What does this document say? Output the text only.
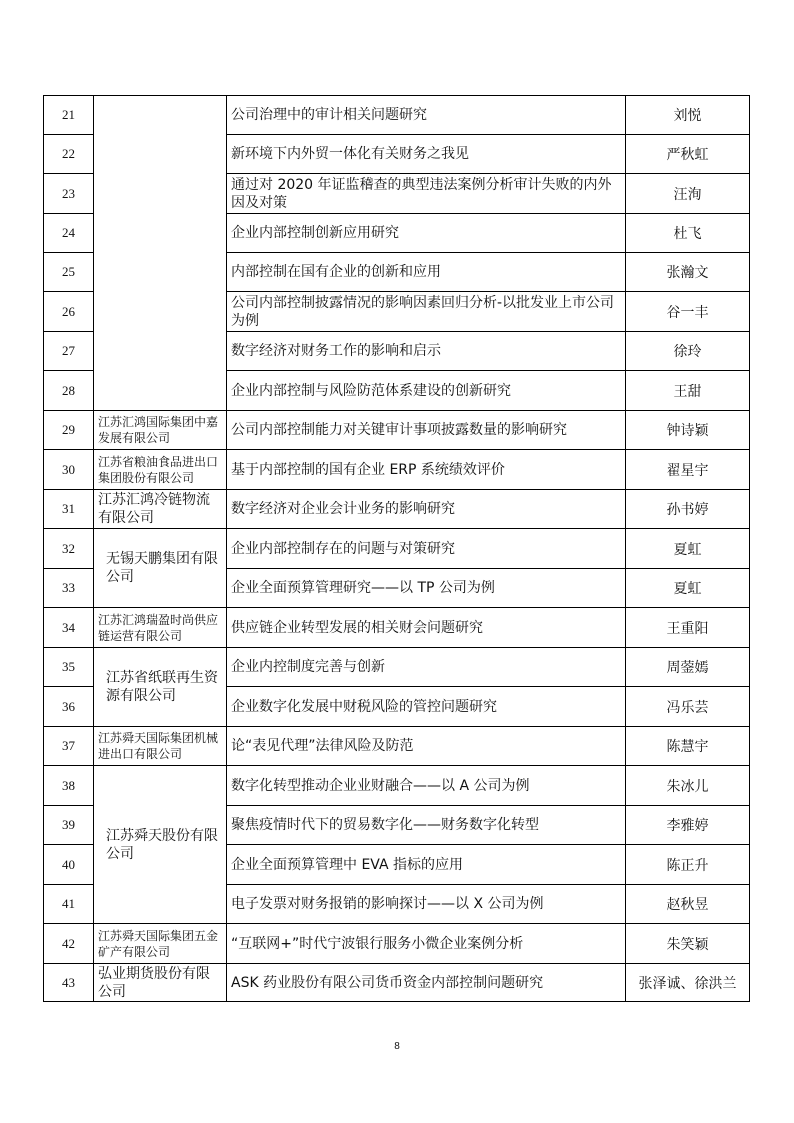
21		公司治理中的审计相关问题研究	刘悦
22		新环境下内外贸一体化有关财务之我见	严秋虹
23		通过对 2020 年证监稽查的典型违法案例分析审计失败的内外因及对策	汪洵
24		企业内部控制创新应用研究	杜飞
25		内部控制在国有企业的创新和应用	张瀚文
26		公司内部控制披露情况的影响因素回归分析-以批发业上市公司为例	谷一丰
27		数字经济对财务工作的影响和启示	徐玲
28		企业内部控制与风险防范体系建设的创新研究	王甜
29	江苏汇鸿国际集团中嘉发展有限公司	公司内部控制能力对关键审计事项披露数量的影响研究	钟诗颖
30	江苏省粮油食品进出口集团股份有限公司	基于内部控制的国有企业 ERP 系统绩效评价	翟星宇
31	江苏汇鸿冷链物流有限公司	数字经济对企业会计业务的影响研究	孙书婷
32	无锡天鹏集团有限公司	企业内部控制存在的问题与对策研究	夏虹
33		企业全面预算管理研究——以 TP 公司为例	夏虹
34	江苏汇鸿瑞盈时尚供应链运营有限公司	供应链企业转型发展的相关财会问题研究	王重阳
35	江苏省纸联再生资源有限公司	企业内控制度完善与创新	周蓥嫣
36		企业数字化发展中财税风险的管控问题研究	冯乐芸
37	江苏舜天国际集团机械进出口有限公司	论“表见代理”法律风险及防范	陈慧宇
38	江苏舜天股份有限公司	数字化转型推动企业业财融合——以 A 公司为例	朱冰儿
39		聚焦疫情时代下的贸易数字化——财务数字化转型	李雅婷
40		企业全面预算管理中 EVA 指标的应用	陈正升
41		电子发票对财务报销的影响探讨——以 X 公司为例	赵秋昱
42	江苏舜天国际集团五金矿产有限公司	“互联网+”时代宁波银行服务小微企业案例分析	朱笑颖
43	弘业期货股份有限公司	ASK 药业股份有限公司货币资金内部控制问题研究	张泽诚、徐洪兰
8
